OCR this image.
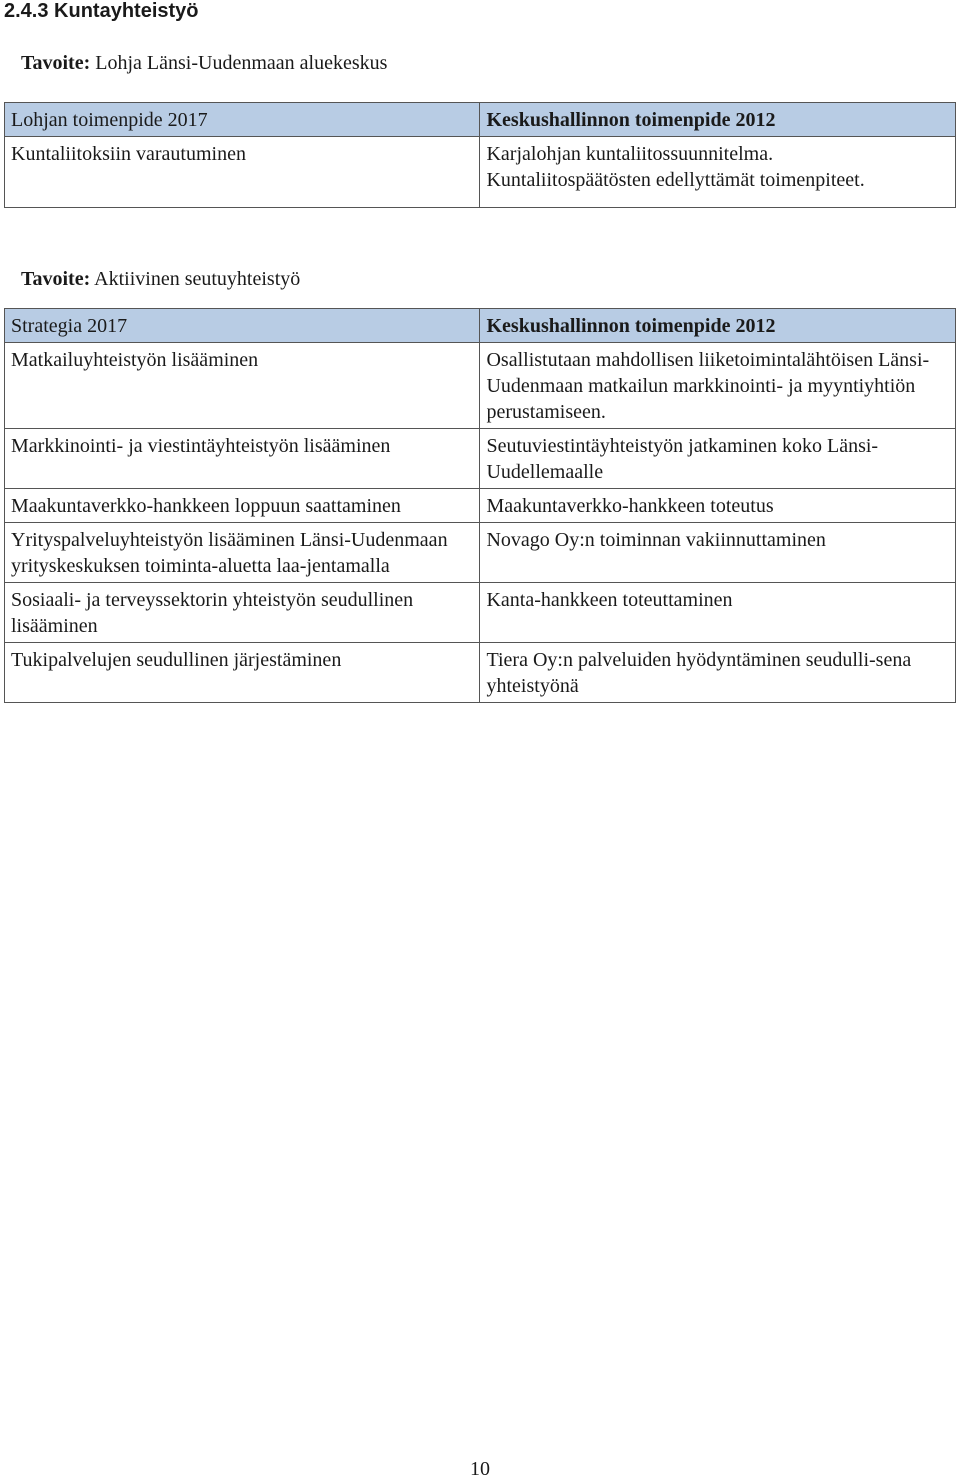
2.4.3 Kuntayhteistyö

Tavoite: Lohja Länsi-Uudenmaan aluekeskus

Lohjan toimenpide 2017	Keskushallinnon toimenpide 2012
Kuntaliitoksiin varautuminen	Karjalohjan kuntaliitossuunnitelma.
Kuntaliitospäätösten edellyttämät toimenpiteet.

Tavoite: Aktiivinen seutuyhteistyö

Strategia 2017	Keskushallinnon toimenpide 2012
Matkailuyhteistyön lisääminen	Osallistutaan mahdollisen liiketoimintalähtöisen Länsi-Uudenmaan matkailun markkinointi- ja myyntiyhtiön perustamiseen.
Markkinointi- ja viestintäyhteistyön lisääminen	Seutuviestintäyhteistyön jatkaminen koko Länsi-Uudellemaalle
Maakuntaverkko-hankkeen loppuun saattaminen	Maakuntaverkko-hankkeen toteutus
Yrityspalveluyhteistyön lisääminen Länsi-Uudenmaan yrityskeskuksen toiminta-aluetta laa-jentamalla	Novago Oy:n toiminnan vakiinnuttaminen
Sosiaali- ja terveyssektorin yhteistyön seudullinen lisääminen	Kanta-hankkeen toteuttaminen
Tukipalvelujen seudullinen järjestäminen	Tiera Oy:n palveluiden hyödyntäminen seudulli-sena yhteistyönä

10
